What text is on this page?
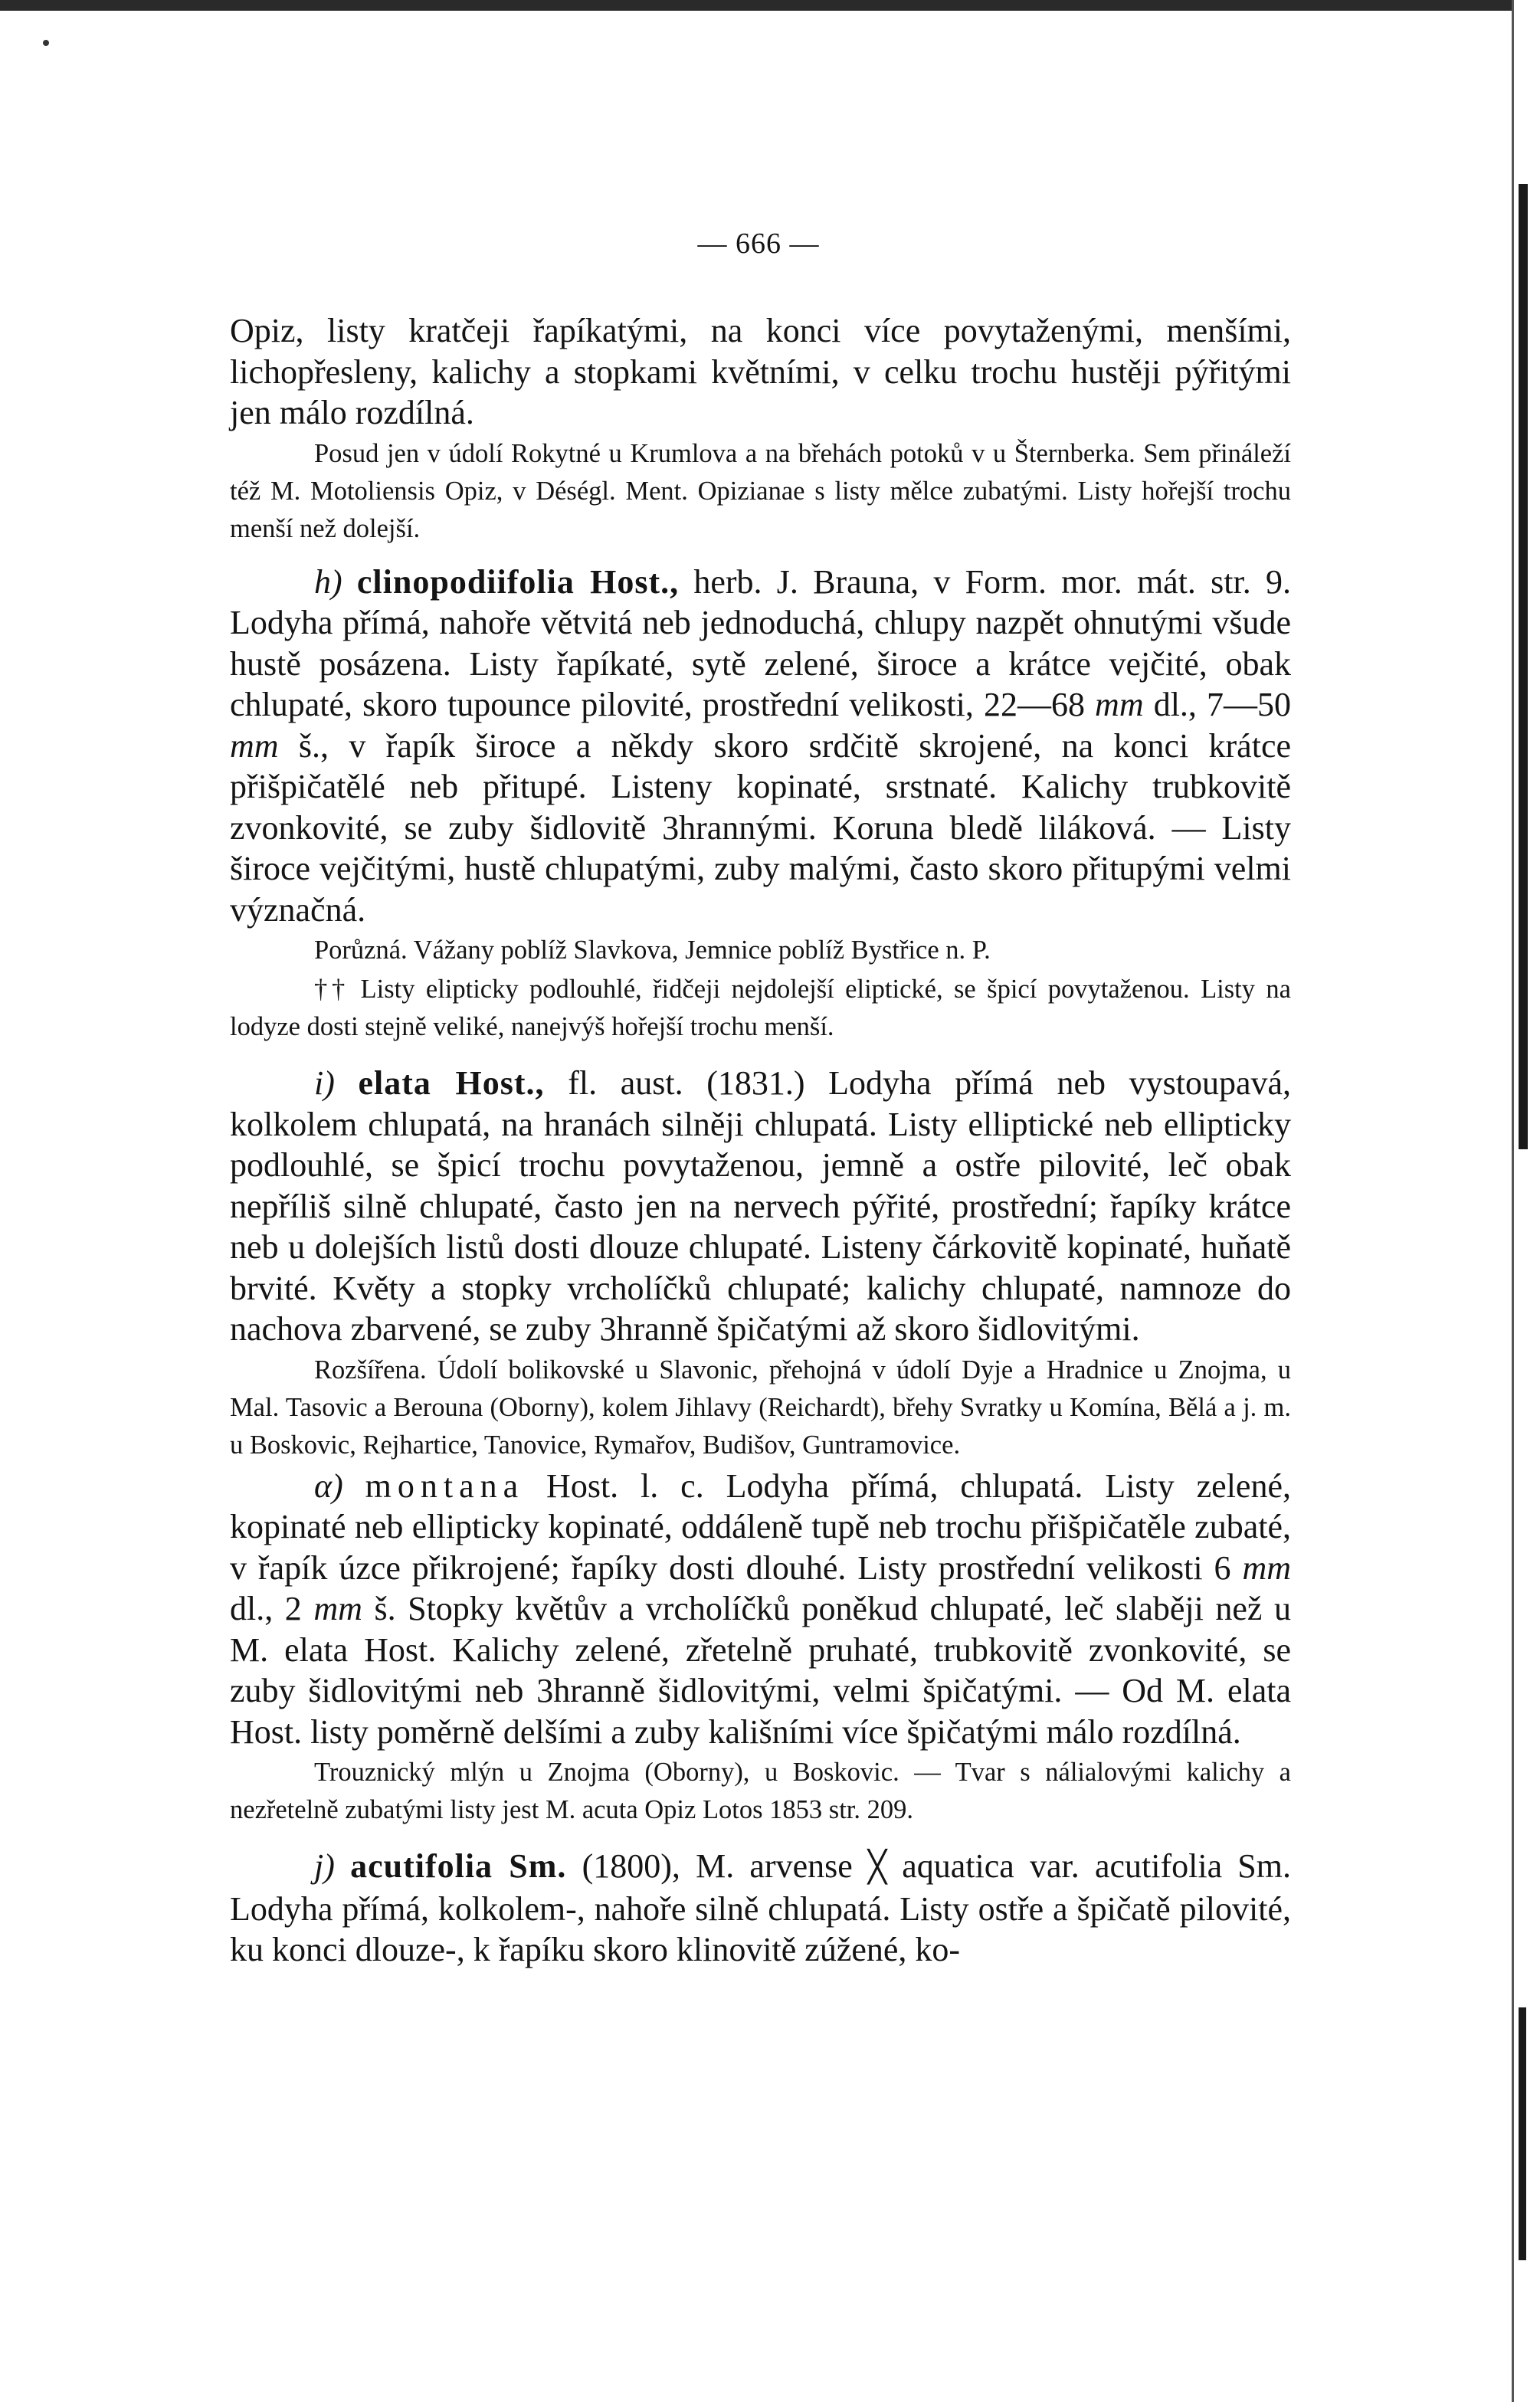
— 666 —

Opiz, listy kratčeji řapíkatými, na konci více povytaženými, menšími, lichopřesleny, kalichy a stopkami květními, v celku trochu hustěji pýřitými jen málo rozdílná.

Posud jen v údolí Rokytné u Krumlova a na břehách potoků v u Šternberka. Sem přináleží též M. Motoliensis Opiz, v Déségl. Ment. Opizianae s listy mělce zubatými. Listy hořejší trochu menší než dolejší.

h) clinopodiifolia Host., herb. J. Brauna, v Form. mor. mát. str. 9. Lodyha přímá, nahoře větvitá neb jednoduchá, chlupy nazpět ohnutými všude hustě posázena. Listy řapíkaté, sytě zelené, široce a krátce vejčité, obak chlupaté, skoro tupounce pilovité, prostřední velikosti, 22—68 mm dl., 7—50 mm š., v řapík široce a někdy skoro srdčitě skrojené, na konci krátce přišpičatělé neb přitupé. Listeny kopinaté, srstnaté. Kalichy trubkovitě zvonkovité, se zuby šidlovitě 3hrannými. Koruna bledě liláková. — Listy široce vejčitými, hustě chlupatými, zuby malými, často skoro přitupými velmi význačná.

Porůzná. Vážany poblíž Slavkova, Jemnice poblíž Bystřice n. P.

†† Listy elipticky podlouhlé, řidčeji nejdolejší eliptické, se špicí povytaženou. Listy na lodyze dosti stejně veliké, nanejvýš hořejší trochu menší.

i) elata Host., fl. aust. (1831.) Lodyha přímá neb vystoupavá, kolkolem chlupatá, na hranách silněji chlupatá. Listy elliptické neb ellipticky podlouhlé, se špicí trochu povytaženou, jemně a ostře pilovité, leč obak nepříliš silně chlupaté, často jen na nervech pýřité, prostřední; řapíky krátce neb u dolejších listů dosti dlouze chlupaté. Listeny čárkovitě kopinaté, huňatě brvité. Květy a stopky vrcholíčků chlupaté; kalichy chlupaté, namnoze do nachova zbarvené, se zuby 3hranně špičatými až skoro šidlovitými.

Rozšířena. Údolí bolikovské u Slavonic, přehojná v údolí Dyje a Hradnice u Znojma, u Mal. Tasovic a Berouna (Oborny), kolem Jihlavy (Reichardt), břehy Svratky u Komína, Bělá a j. m. u Boskovic, Rejhartice, Tanovice, Rymařov, Budišov, Guntramovice.

α) montana Host. l. c. Lodyha přímá, chlupatá. Listy zelené, kopinaté neb ellipticky kopinaté, oddáleně tupě neb trochu přišpičatěle zubaté, v řapík úzce přikrojené; řapíky dosti dlouhé. Listy prostřední velikosti 6 mm dl., 2 mm š. Stopky květův a vrcholíčků poněkud chlupaté, leč slaběji než u M. elata Host. Kalichy zelené, zřetelně pruhaté, trubkovitě zvonkovité, se zuby šidlovitými neb 3hranně šidlovitými, velmi špičatými. — Od M. elata Host. listy poměrně delšími a zuby kališními více špičatými málo rozdílná.

Trouznický mlýn u Znojma (Oborny), u Boskovic. — Tvar s nálialovými kalichy a nezřetelně zubatými listy jest M. acuta Opiz Lotos 1853 str. 209.

j) acutifolia Sm. (1800), M. arvense ╳ aquatica var. acutifolia Sm. Lodyha přímá, kolkolem-, nahoře silně chlupatá. Listy ostře a špičatě pilovité, ku konci dlouze-, k řapíku skoro klinovitě zúžené, ko-
